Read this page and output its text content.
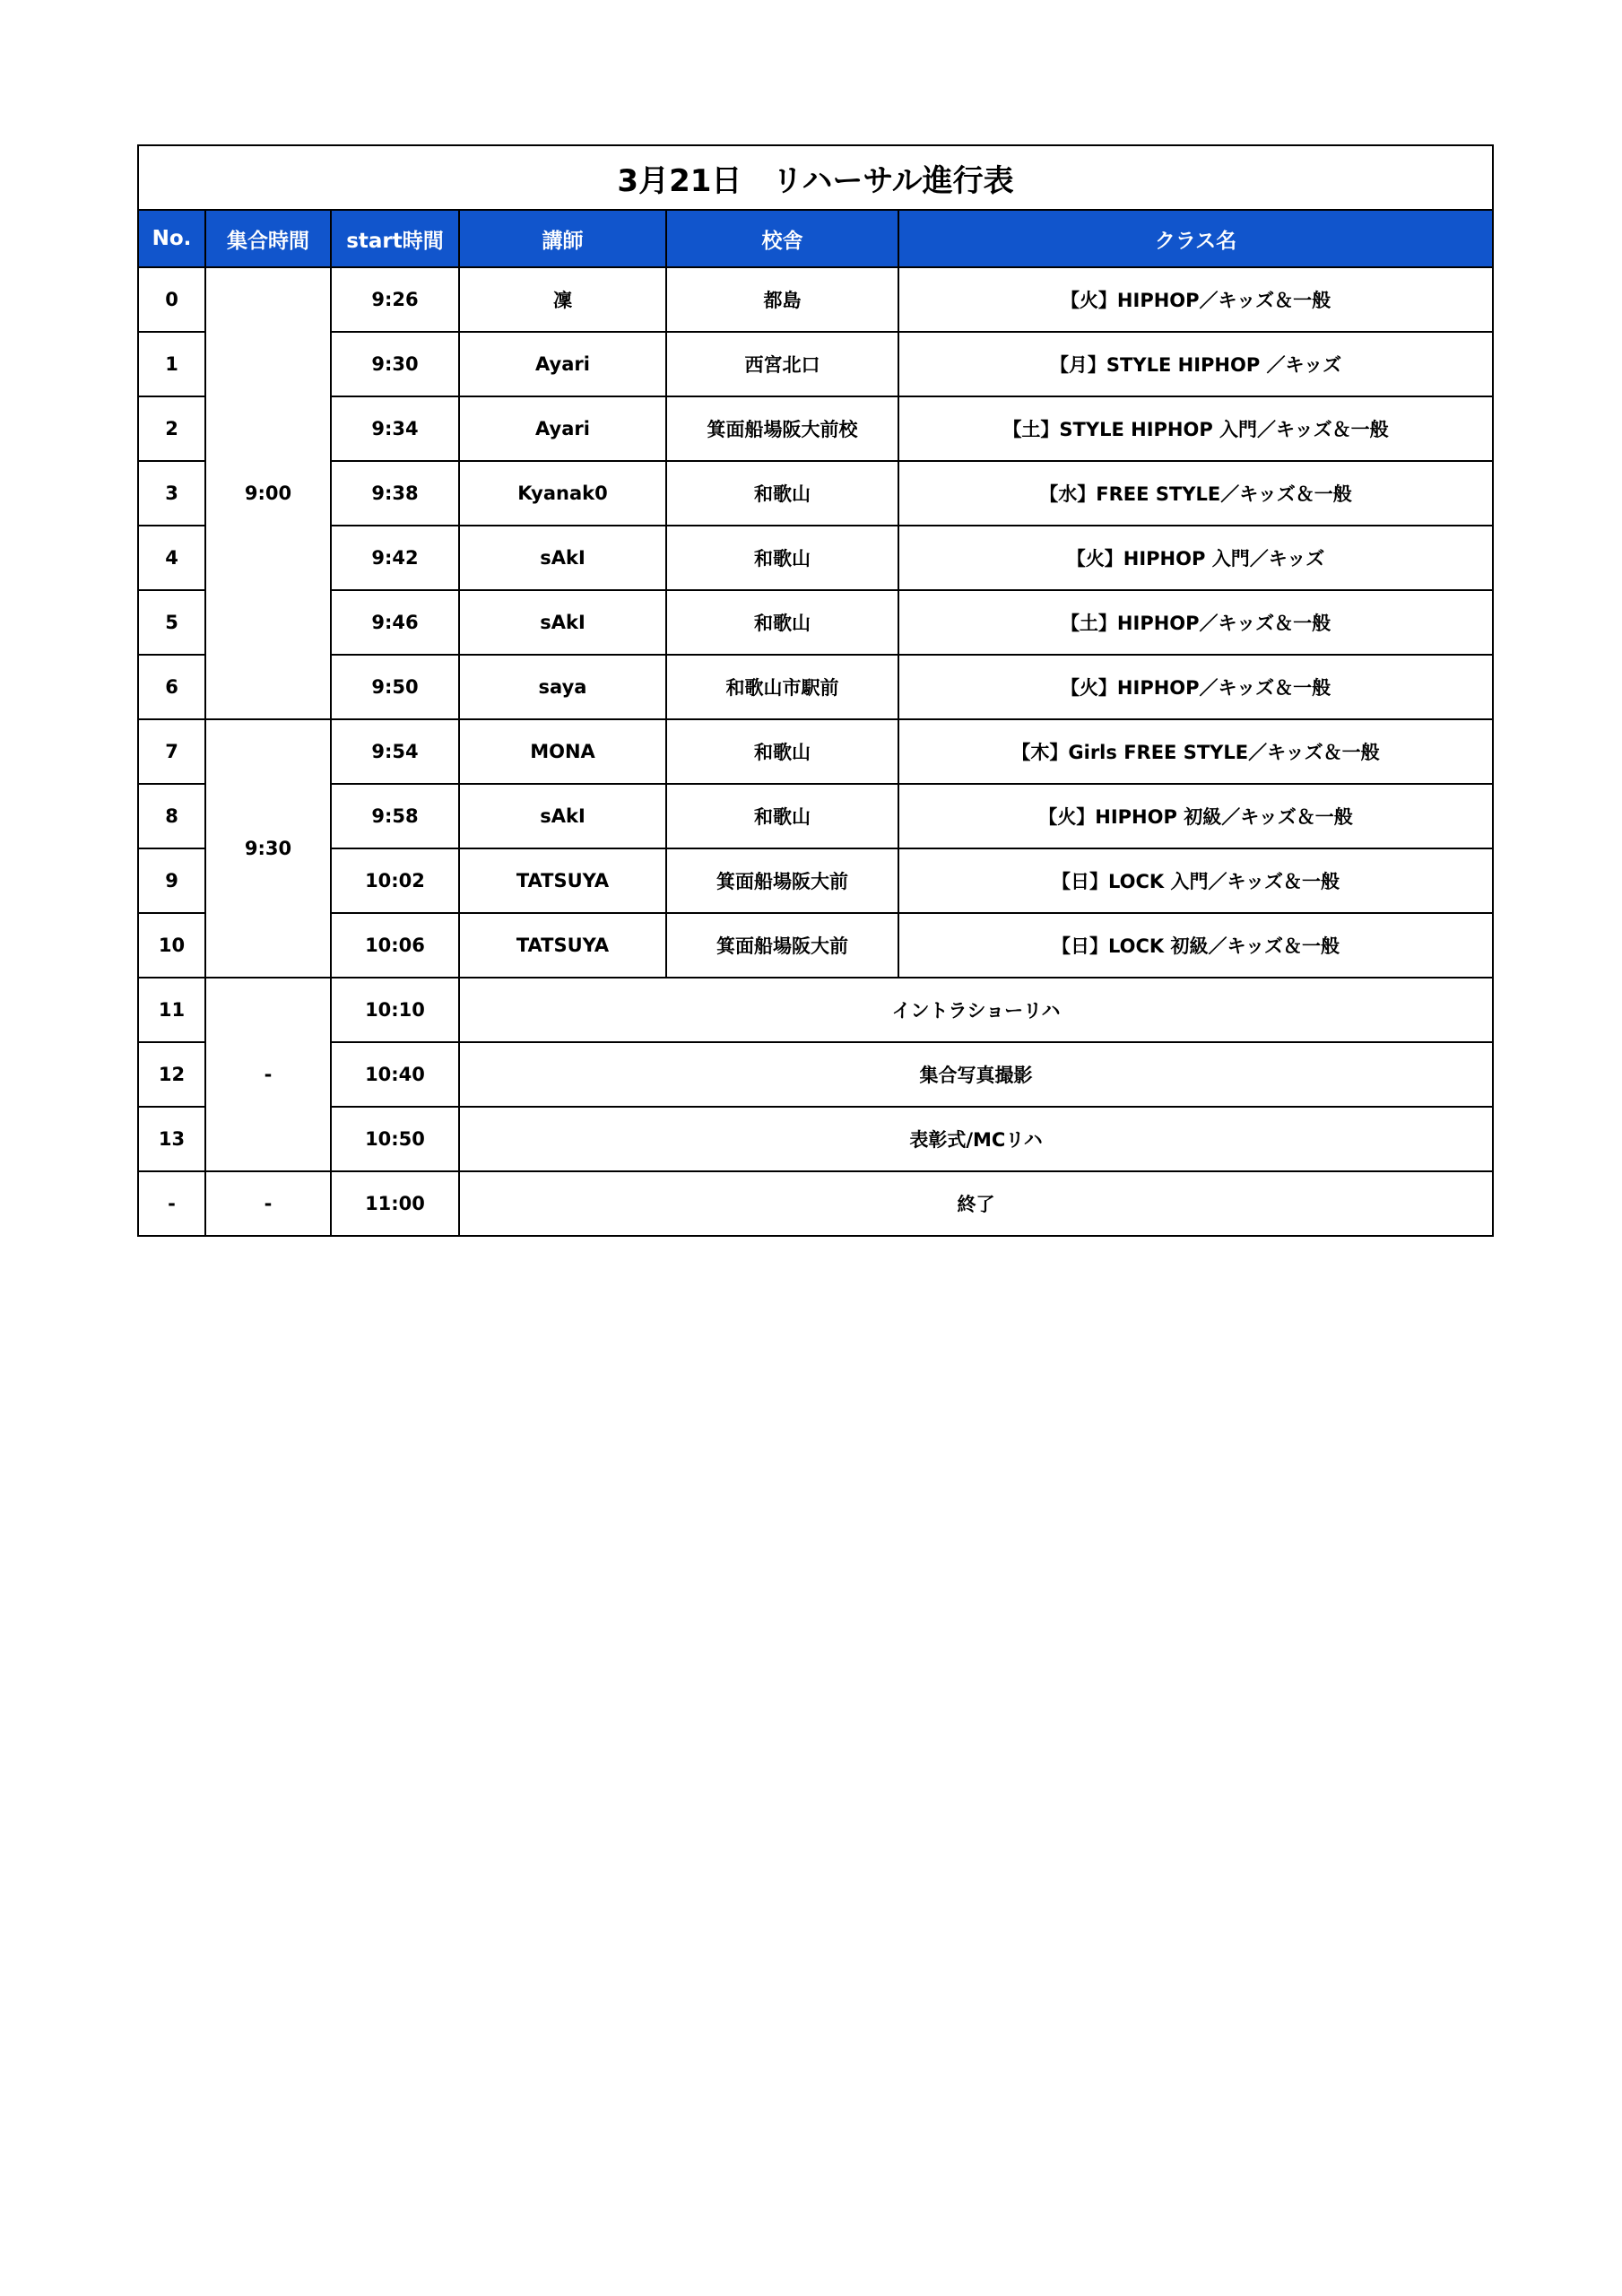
3月21日　リハーサル進行表					
No.	集合時間	start時間	講師	校舎	クラス名
0	9:00	9:26	凜	都島	【火】HIPHOP／キッズ＆一般
1		9:30	Ayari	西宮北口	【月】STYLE HIPHOP ／キッズ
2		9:34	Ayari	箕面船場阪大前校	【土】STYLE HIPHOP 入門／キッズ＆一般
3		9:38	Kyanak0	和歌山	【水】FREE STYLE／キッズ＆一般
4		9:42	sAkI	和歌山	【火】HIPHOP 入門／キッズ
5		9:46	sAkI	和歌山	【土】HIPHOP／キッズ＆一般
6		9:50	saya	和歌山市駅前	【火】HIPHOP／キッズ＆一般
7	9:30	9:54	MONA	和歌山	【木】Girls FREE STYLE／キッズ＆一般
8		9:58	sAkI	和歌山	【火】HIPHOP 初級／キッズ＆一般
9		10:02	TATSUYA	箕面船場阪大前	【日】LOCK 入門／キッズ＆一般
10		10:06	TATSUYA	箕面船場阪大前	【日】LOCK 初級／キッズ＆一般
11	-	10:10	イントラショーリハ		
12		10:40	集合写真撮影		
13		10:50	表彰式/MCリハ		
-	-	11:00	終了		
